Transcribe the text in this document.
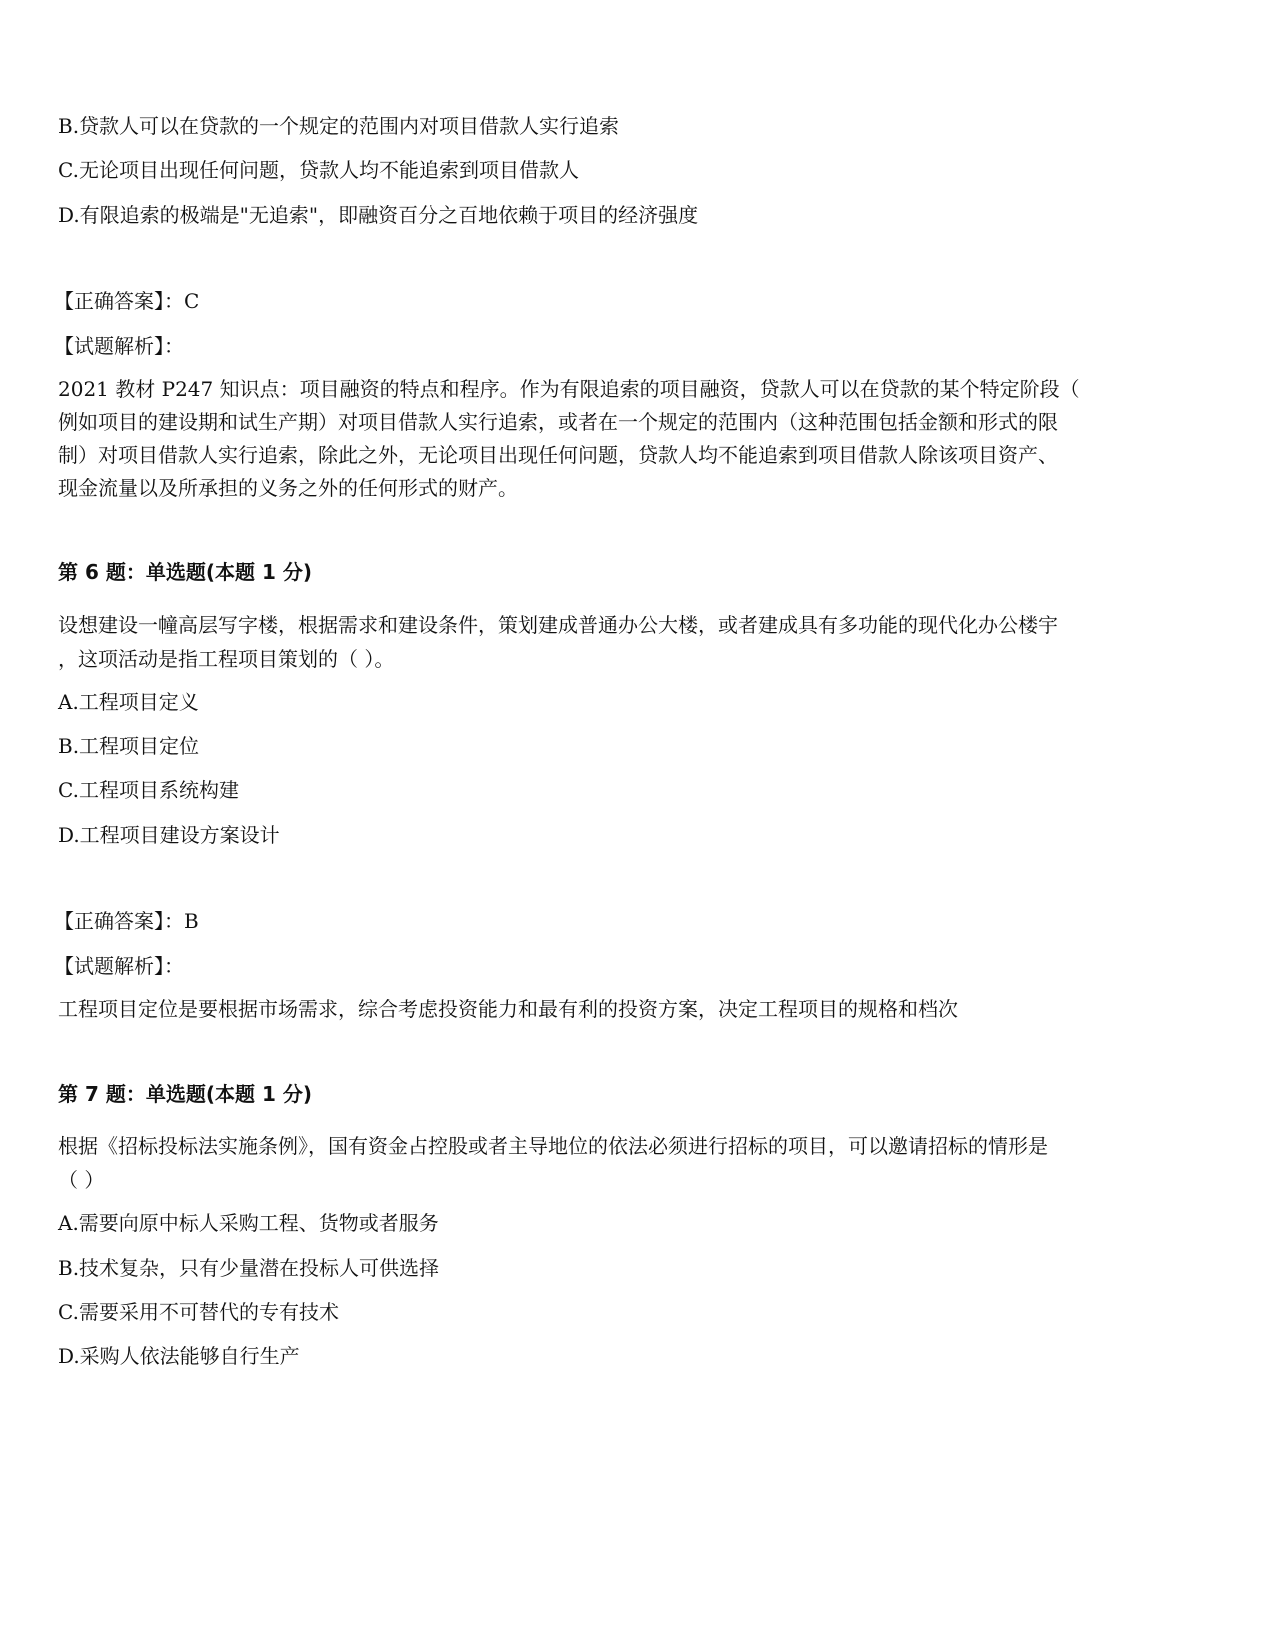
B.贷款人可以在贷款的一个规定的范围内对项目借款人实行追索
C.无论项目出现任何问题，贷款人均不能追索到项目借款人
D.有限追索的极端是"无追索"，即融资百分之百地依赖于项目的经济强度
【正确答案】：C
【试题解析】：
2021 教材 P247 知识点：项目融资的特点和程序。作为有限追索的项目融资，贷款人可以在贷款的某个特定阶段（
例如项目的建设期和试生产期）对项目借款人实行追索，或者在一个规定的范围内（这种范围包括金额和形式的限
制）对项目借款人实行追索，除此之外，无论项目出现任何问题，贷款人均不能追索到项目借款人除该项目资产、
现金流量以及所承担的义务之外的任何形式的财产。
第 6 题：单选题(本题 1 分)
设想建设一幢高层写字楼，根据需求和建设条件，策划建成普通办公大楼，或者建成具有多功能的现代化办公楼宇
，这项活动是指工程项目策划的（ ）。
A.工程项目定义
B.工程项目定位
C.工程项目系统构建
D.工程项目建设方案设计
【正确答案】：B
【试题解析】：
工程项目定位是要根据市场需求，综合考虑投资能力和最有利的投资方案，决定工程项目的规格和档次
第 7 题：单选题(本题 1 分)
根据《招标投标法实施条例》，国有资金占控股或者主导地位的依法必须进行招标的项目，可以邀请招标的情形是
（ ）
A.需要向原中标人采购工程、货物或者服务
B.技术复杂，只有少量潜在投标人可供选择
C.需要采用不可替代的专有技术
D.采购人依法能够自行生产
